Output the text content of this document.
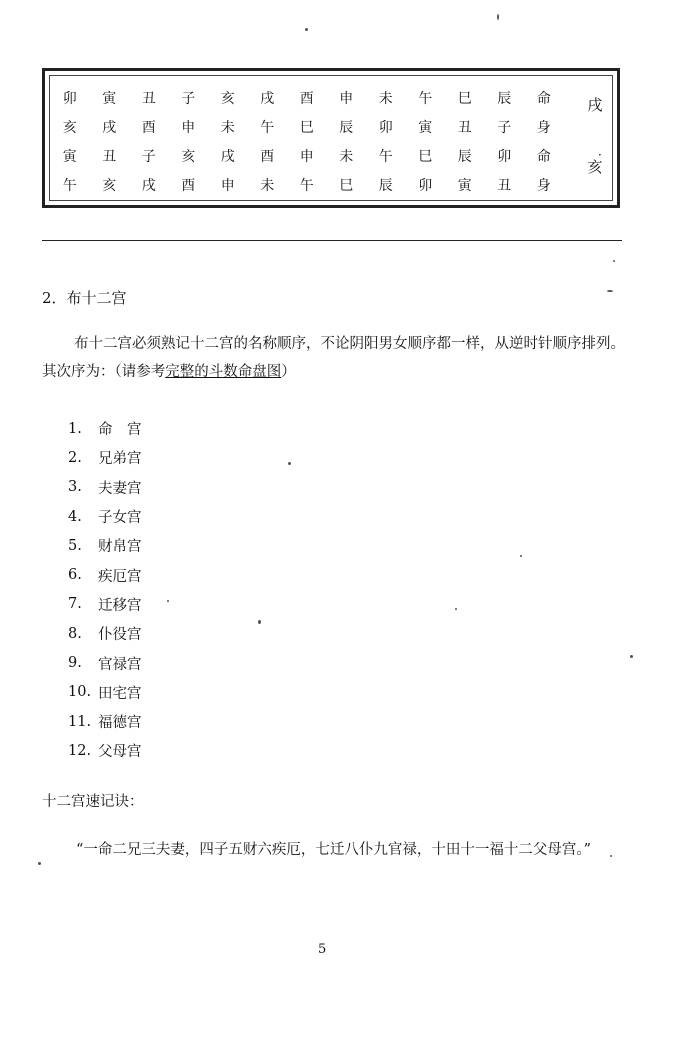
卯	寅	丑	子	亥	戌	酉	申	未	午	巳	辰	命
亥	戌	酉	申	未	午	巳	辰	卯	寅	丑	子	身
寅	丑	子	亥	戌	酉	申	未	午	巳	辰	卯	命
午	亥	戌	酉	申	未	午	巳	辰	卯	寅	丑	身
戌
·
亥
2．布十二宫
布十二宫必须熟记十二宫的名称顺序，不论阴阳男女顺序都一样，从逆时针顺序排列。其次序为：（请参考完整的斗数命盘图）
1.	命　宫
2.	兄弟宫
3.	夫妻宫
4.	子女宫
5.	财帛宫
6.	疾厄宫
7.	迁移宫
8.	仆役宫
9.	官禄宫
10. 田宅宫
11. 福德宫
12. 父母宫
十二宫速记诀：
“一命二兄三夫妻，四子五财六疾厄，七迁八仆九官禄，十田十一福十二父母宫。”
5
